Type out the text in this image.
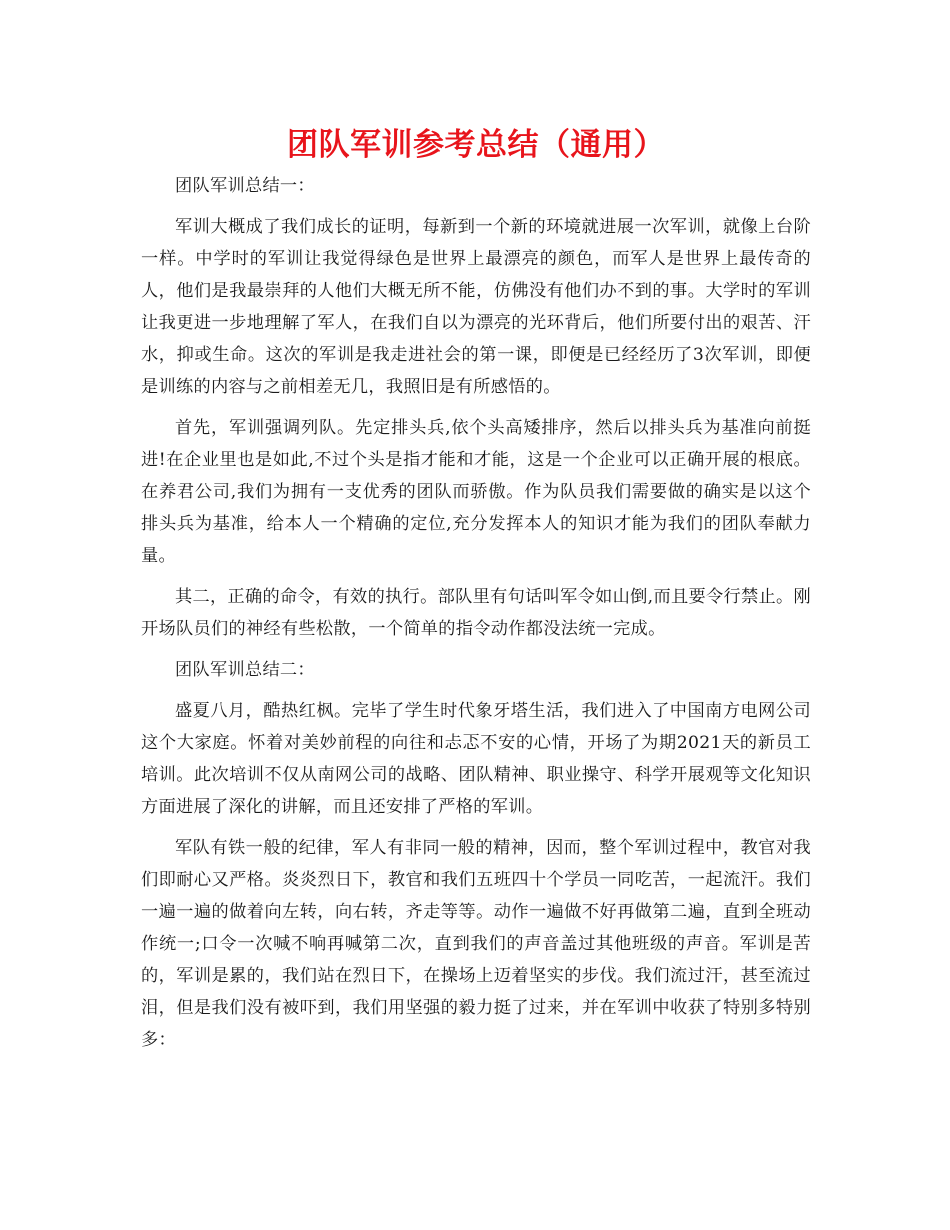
团队军训参考总结（通用）

团队军训总结一：

军训大概成了我们成长的证明，每新到一个新的环境就进展一次军训，就像上台阶一样。中学时的军训让我觉得绿色是世界上最漂亮的颜色，而军人是世界上最传奇的人，他们是我最崇拜的人他们大概无所不能，仿佛没有他们办不到的事。大学时的军训让我更进一步地理解了军人，在我们自以为漂亮的光环背后，他们所要付出的艰苦、汗水，抑或生命。这次的军训是我走进社会的第一课，即便是已经经历了3次军训，即便是训练的内容与之前相差无几，我照旧是有所感悟的。

首先，军训强调列队。先定排头兵,依个头高矮排序，然后以排头兵为基准向前挺进!在企业里也是如此,不过个头是指才能和才能，这是一个企业可以正确开展的根底。在养君公司,我们为拥有一支优秀的团队而骄傲。作为队员我们需要做的确实是以这个排头兵为基准，给本人一个精确的定位,充分发挥本人的知识才能为我们的团队奉献力量。

其二，正确的命令，有效的执行。部队里有句话叫军令如山倒,而且要令行禁止。刚开场队员们的神经有些松散，一个简单的指令动作都没法统一完成。

团队军训总结二：

盛夏八月，酷热红枫。完毕了学生时代象牙塔生活，我们进入了中国南方电网公司这个大家庭。怀着对美妙前程的向往和忐忑不安的心情，开场了为期2021天的新员工培训。此次培训不仅从南网公司的战略、团队精神、职业操守、科学开展观等文化知识方面进展了深化的讲解，而且还安排了严格的军训。

军队有铁一般的纪律，军人有非同一般的精神，因而，整个军训过程中，教官对我们即耐心又严格。炎炎烈日下，教官和我们五班四十个学员一同吃苦，一起流汗。我们一遍一遍的做着向左转，向右转，齐走等等。动作一遍做不好再做第二遍，直到全班动作统一;口令一次喊不响再喊第二次，直到我们的声音盖过其他班级的声音。军训是苦的，军训是累的，我们站在烈日下，在操场上迈着坚实的步伐。我们流过汗，甚至流过泪，但是我们没有被吓到，我们用坚强的毅力挺了过来，并在军训中收获了特别多特别多：
